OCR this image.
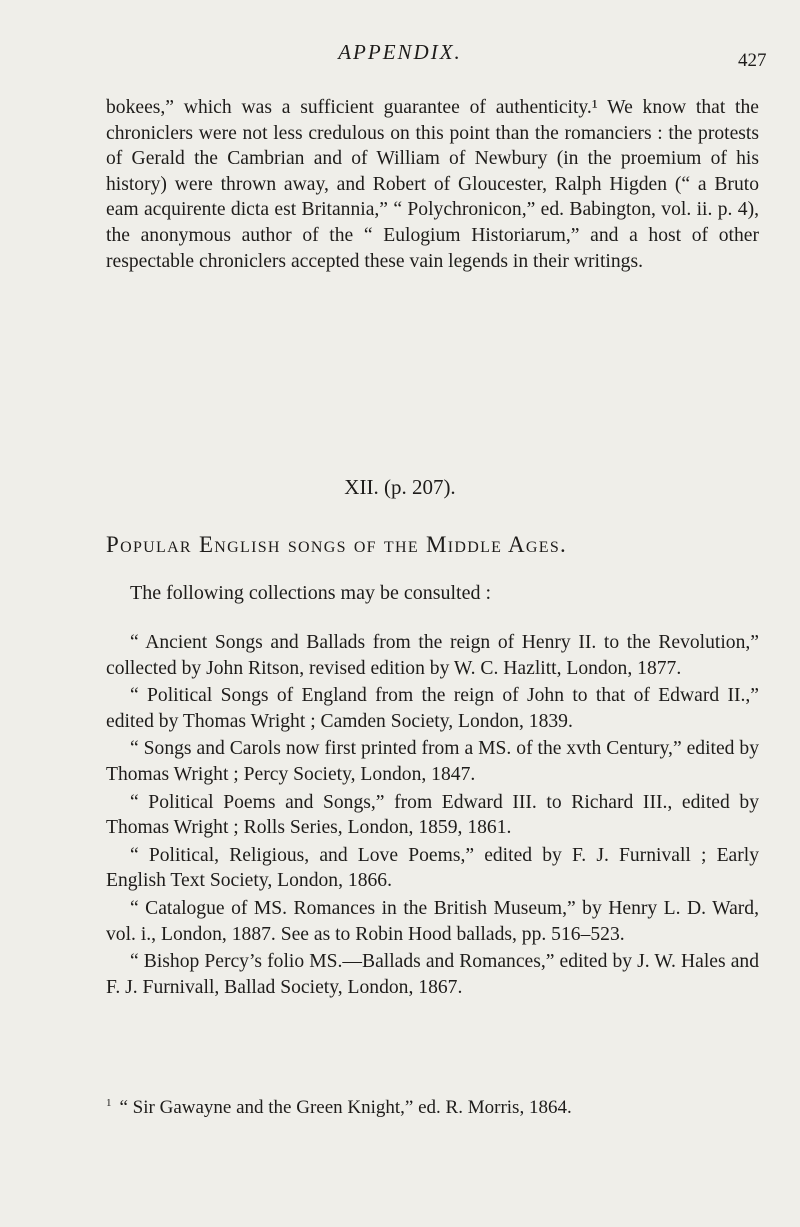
APPENDIX.	427

bokees,” which was a sufficient guarantee of authenticity.¹ We know that the chroniclers were not less credulous on this point than the romanciers : the protests of Gerald the Cambrian and of William of Newbury (in the proemium of his history) were thrown away, and Robert of Gloucester, Ralph Higden (“ a Bruto eam acquirente dicta est Britannia,” “ Polychronicon,” ed. Babington, vol. ii. p. 4), the anonymous author of the “ Eulogium Historiarum,” and a host of other respectable chroniclers accepted these vain legends in their writings.

XII. (p. 207).
Popular English songs of the Middle Ages.
The following collections may be consulted :

“ Ancient Songs and Ballads from the reign of Henry II. to the Revolution,” collected by John Ritson, revised edition by W. C. Hazlitt, London, 1877.

“ Political Songs of England from the reign of John to that of Edward II.,” edited by Thomas Wright ; Camden Society, London, 1839.

“ Songs and Carols now first printed from a MS. of the xvth Century,” edited by Thomas Wright ; Percy Society, London, 1847.

“ Political Poems and Songs,” from Edward III. to Richard III., edited by Thomas Wright ; Rolls Series, London, 1859, 1861.

“ Political, Religious, and Love Poems,” edited by F. J. Furnivall ; Early English Text Society, London, 1866.

“ Catalogue of MS. Romances in the British Museum,” by Henry L. D. Ward, vol. i., London, 1887. See as to Robin Hood ballads, pp. 516–523.

“ Bishop Percy’s folio MS.—Ballads and Romances,” edited by J. W. Hales and F. J. Furnivall, Ballad Society, London, 1867.

$^1$ “ Sir Gawayne and the Green Knight,” ed. R. Morris, 1864.
